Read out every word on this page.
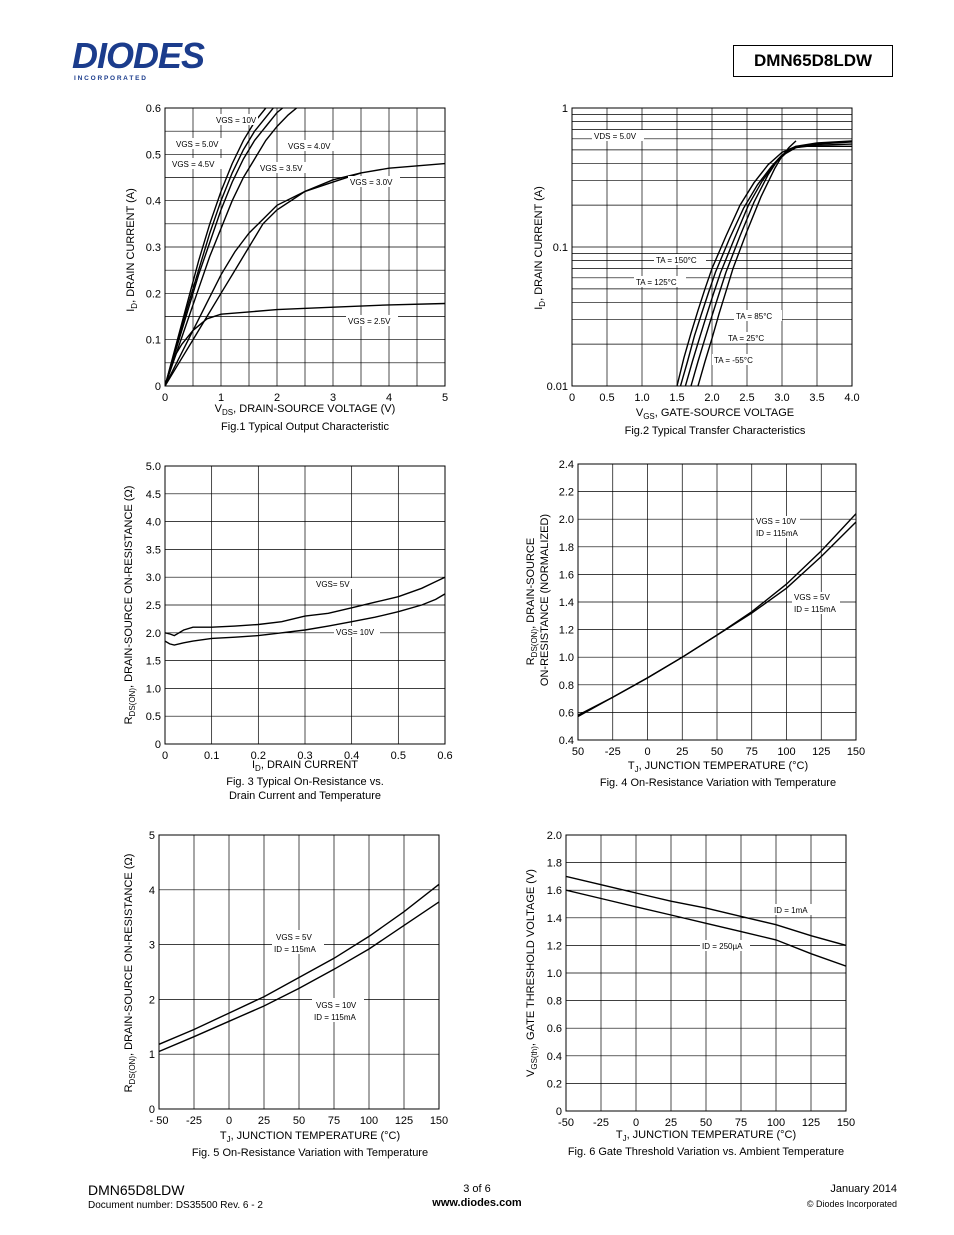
DIODES
I N C O R P O R A T E D
DMN65D8LDW
0
0.1
0.2
0.3
0.4
0.5
0.6
0	1	2	3	4	5
$I_D$, DRAIN CURRENT (A)
$V_{DS}$, DRAIN-SOURCE VOLTAGE (V)
Fig.1 Typical Output Characteristic
VGS = 10V
VGS = 5.0V
VGS = 4.5V
VGS = 4.0V
VGS = 3.5V
VGS = 3.0V
VGS = 2.5V
0.01
0.1
1
0 0.5 1.0 1.5 2.0 2.5 3.0 3.5 4.0
$I_D$, DRAIN CURRENT (A)
$V_{GS}$, GATE-SOURCE VOLTAGE
Fig.2 Typical Transfer Characteristics
VDS = 5.0V
TA = 150°C
TA = 125°C
TA = 85°C
TA = 25°C
TA = -55°C
0
0.5
1.0
1.5
2.0
2.5
3.0
3.5
4.0
4.5
5.0
0	0.1	0.2	0.3	0.4	0.5	0.6
$R_{DS(ON)}$, DRAIN-SOURCE ON-RESISTANCE (Ω)
$I_D$, DRAIN CURRENT
Fig. 3 Typical On-Resistance vs.
Drain Current and Temperature
VGS= 5V
VGS= 10V
0.4
0.6
0.8
1.0
1.2
1.4
1.6
1.8
2.0
2.2
2.4
50 -25 0 25 50 75 100 125 150
$R_{DS(ON)}$, DRAIN-SOURCE ON-RESISTANCE (NORMALIZED)
$T_J$, JUNCTION TEMPERATURE (°C)
Fig. 4 On-Resistance Variation with Temperature
VGS = 10V
ID = 115mA
VGS = 5V
ID = 115mA
0
1
2
3
4
5
- 50 -25 0 25 50 75 100 125 150
$R_{DS(ON)}$, DRAIN-SOURCE ON-RESISTANCE (Ω)
$T_J$, JUNCTION TEMPERATURE (°C)
Fig. 5 On-Resistance Variation with Temperature
VGS = 5V
ID = 115mA
VGS = 10V
ID = 115mA
0
0.2
0.4
0.6
0.8
1.0
1.2
1.4
1.6
1.8
2.0
-50 -25 0 25 50 75 100 125 150
$V_{GS(th)}$, GATE THRESHOLD VOLTAGE (V)
$T_J$, JUNCTION TEMPERATURE (°C)
Fig. 6 Gate Threshold Variation vs. Ambient Temperature
ID = 1mA
ID = 250µA
DMN65D8LDW
Document number: DS35500 Rev. 6 - 2
3 of 6
www.diodes.com
January 2014
© Diodes Incorporated
